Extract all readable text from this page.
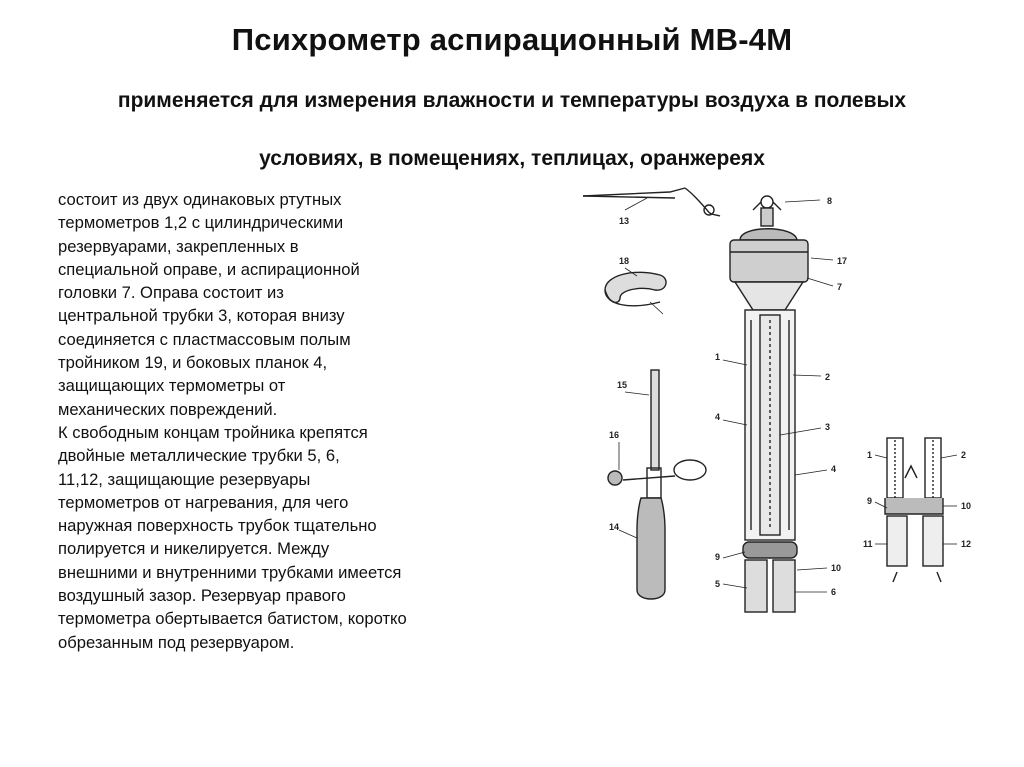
Психрометр аспирационный МВ-4М
применяется для измерения влажности и температуры воздуха в полевых условиях, в помещениях, теплицах, оранжереях

состоит из двух одинаковых ртутных
термометров 1,2 с цилиндрическими
резервуарами, закрепленных в
специальной оправе, и аспирационной
головки 7. Оправа состоит из
центральной трубки 3, которая внизу
соединяется с пластмассовым полым
тройником 19, и боковых планок 4,
защищающих термометры от
механических повреждений.

К свободным концам тройника крепятся
двойные металлические трубки 5, 6,
11,12, защищающие резервуары
термометров от нагревания, для чего
наружная поверхность трубок тщательно
полируется и никелируется. Между
внешними и внутренними трубками имеется
воздушный зазор. Резервуар правого
термометра обертывается батистом, коротко
обрезанным под резервуаром.

13
18
8
17
7
1
2
4
3
4
15
16
14
9
10
5
6
1	2
9	10
11	12
